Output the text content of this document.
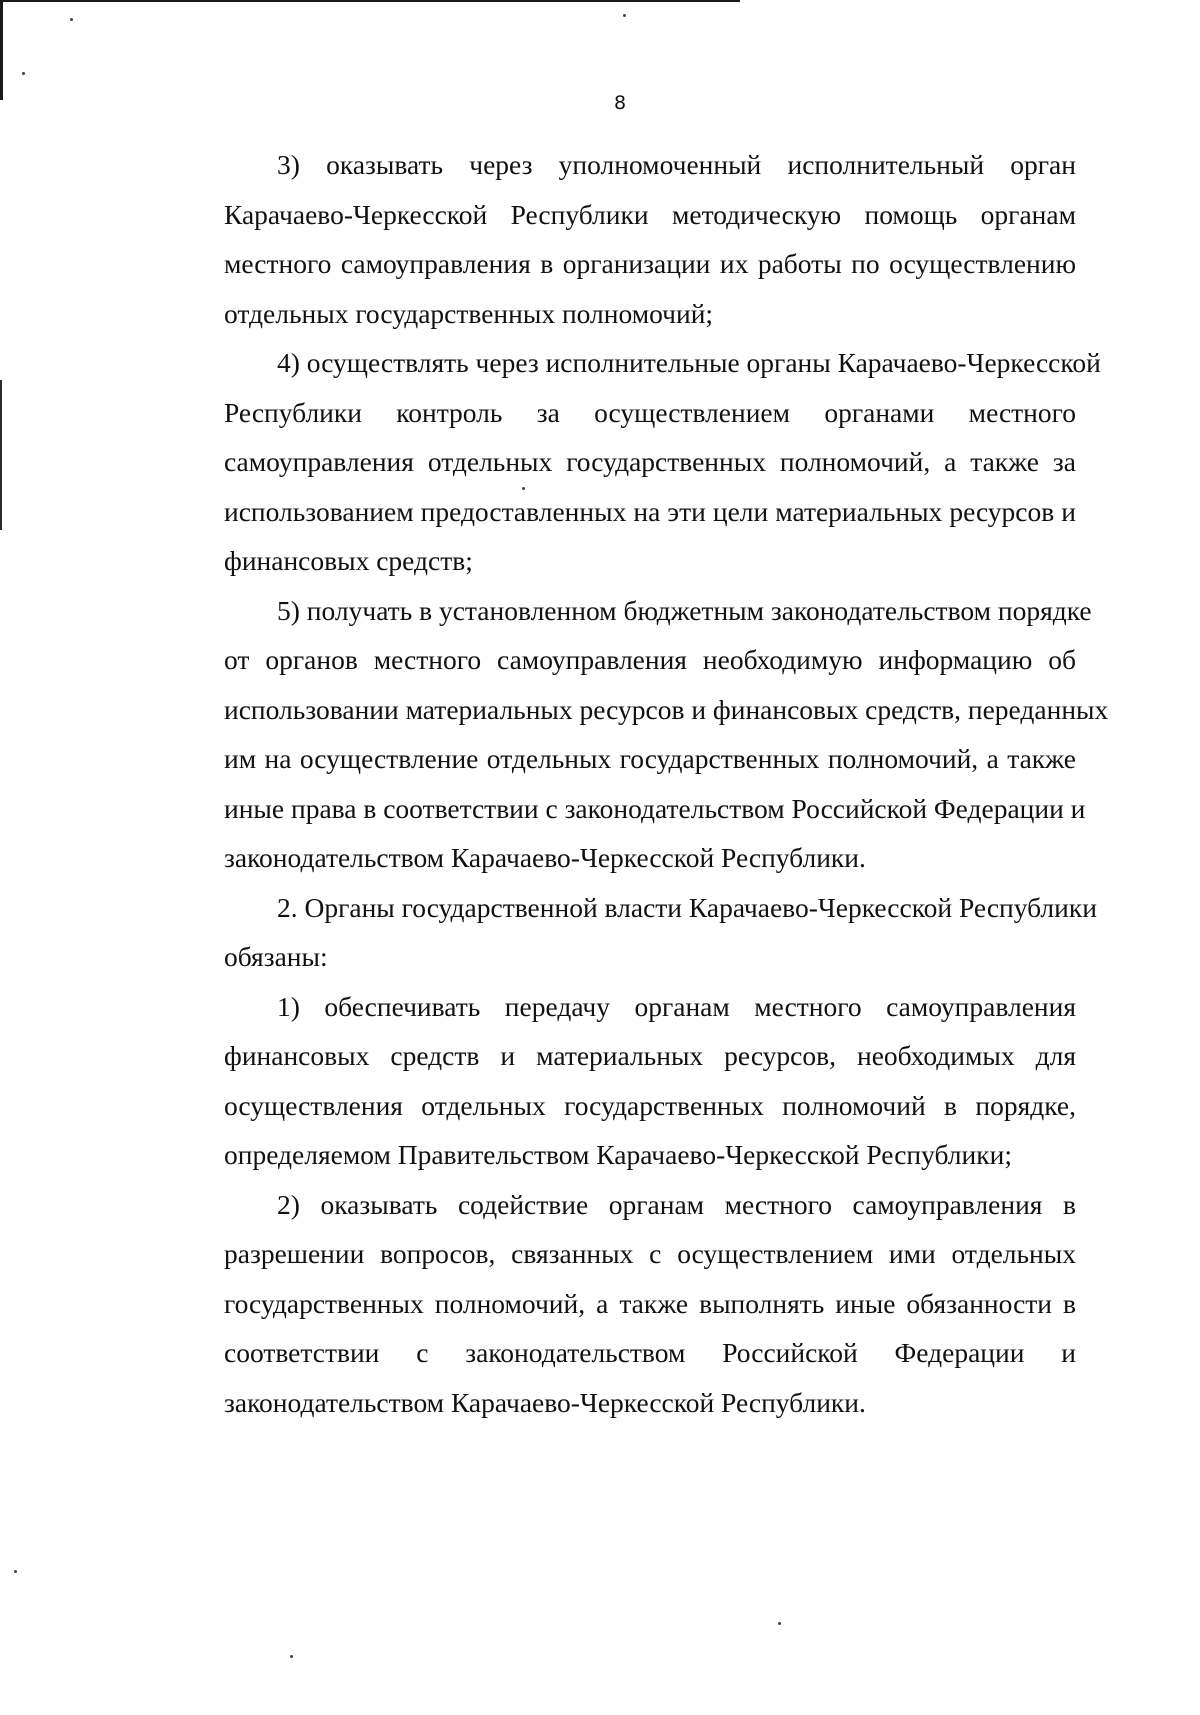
8

3) оказывать через уполномоченный исполнительный орган
Карачаево-Черкесской Республики методическую помощь органам
местного самоуправления в организации их работы по осуществлению
отдельных государственных полномочий;

4) осуществлять через исполнительные органы Карачаево-Черкесской
Республики контроль за осуществлением органами местного
самоуправления отдельных государственных полномочий, а также за
использованием предоставленных на эти цели материальных ресурсов и
финансовых средств;

5) получать в установленном бюджетным законодательством порядке
от органов местного самоуправления необходимую информацию об
использовании материальных ресурсов и финансовых средств, переданных
им на осуществление отдельных государственных полномочий, а также
иные права в соответствии с законодательством Российской Федерации и
законодательством Карачаево-Черкесской Республики.

2. Органы государственной власти Карачаево-Черкесской Республики
обязаны:

1) обеспечивать передачу органам местного самоуправления
финансовых средств и материальных ресурсов, необходимых для
осуществления отдельных государственных полномочий в порядке,
определяемом Правительством Карачаево-Черкесской Республики;

2) оказывать содействие органам местного самоуправления в
разрешении вопросов, связанных с осуществлением ими отдельных
государственных полномочий, а также выполнять иные обязанности в
соответствии с законодательством Российской Федерации и
законодательством Карачаево-Черкесской Республики.
